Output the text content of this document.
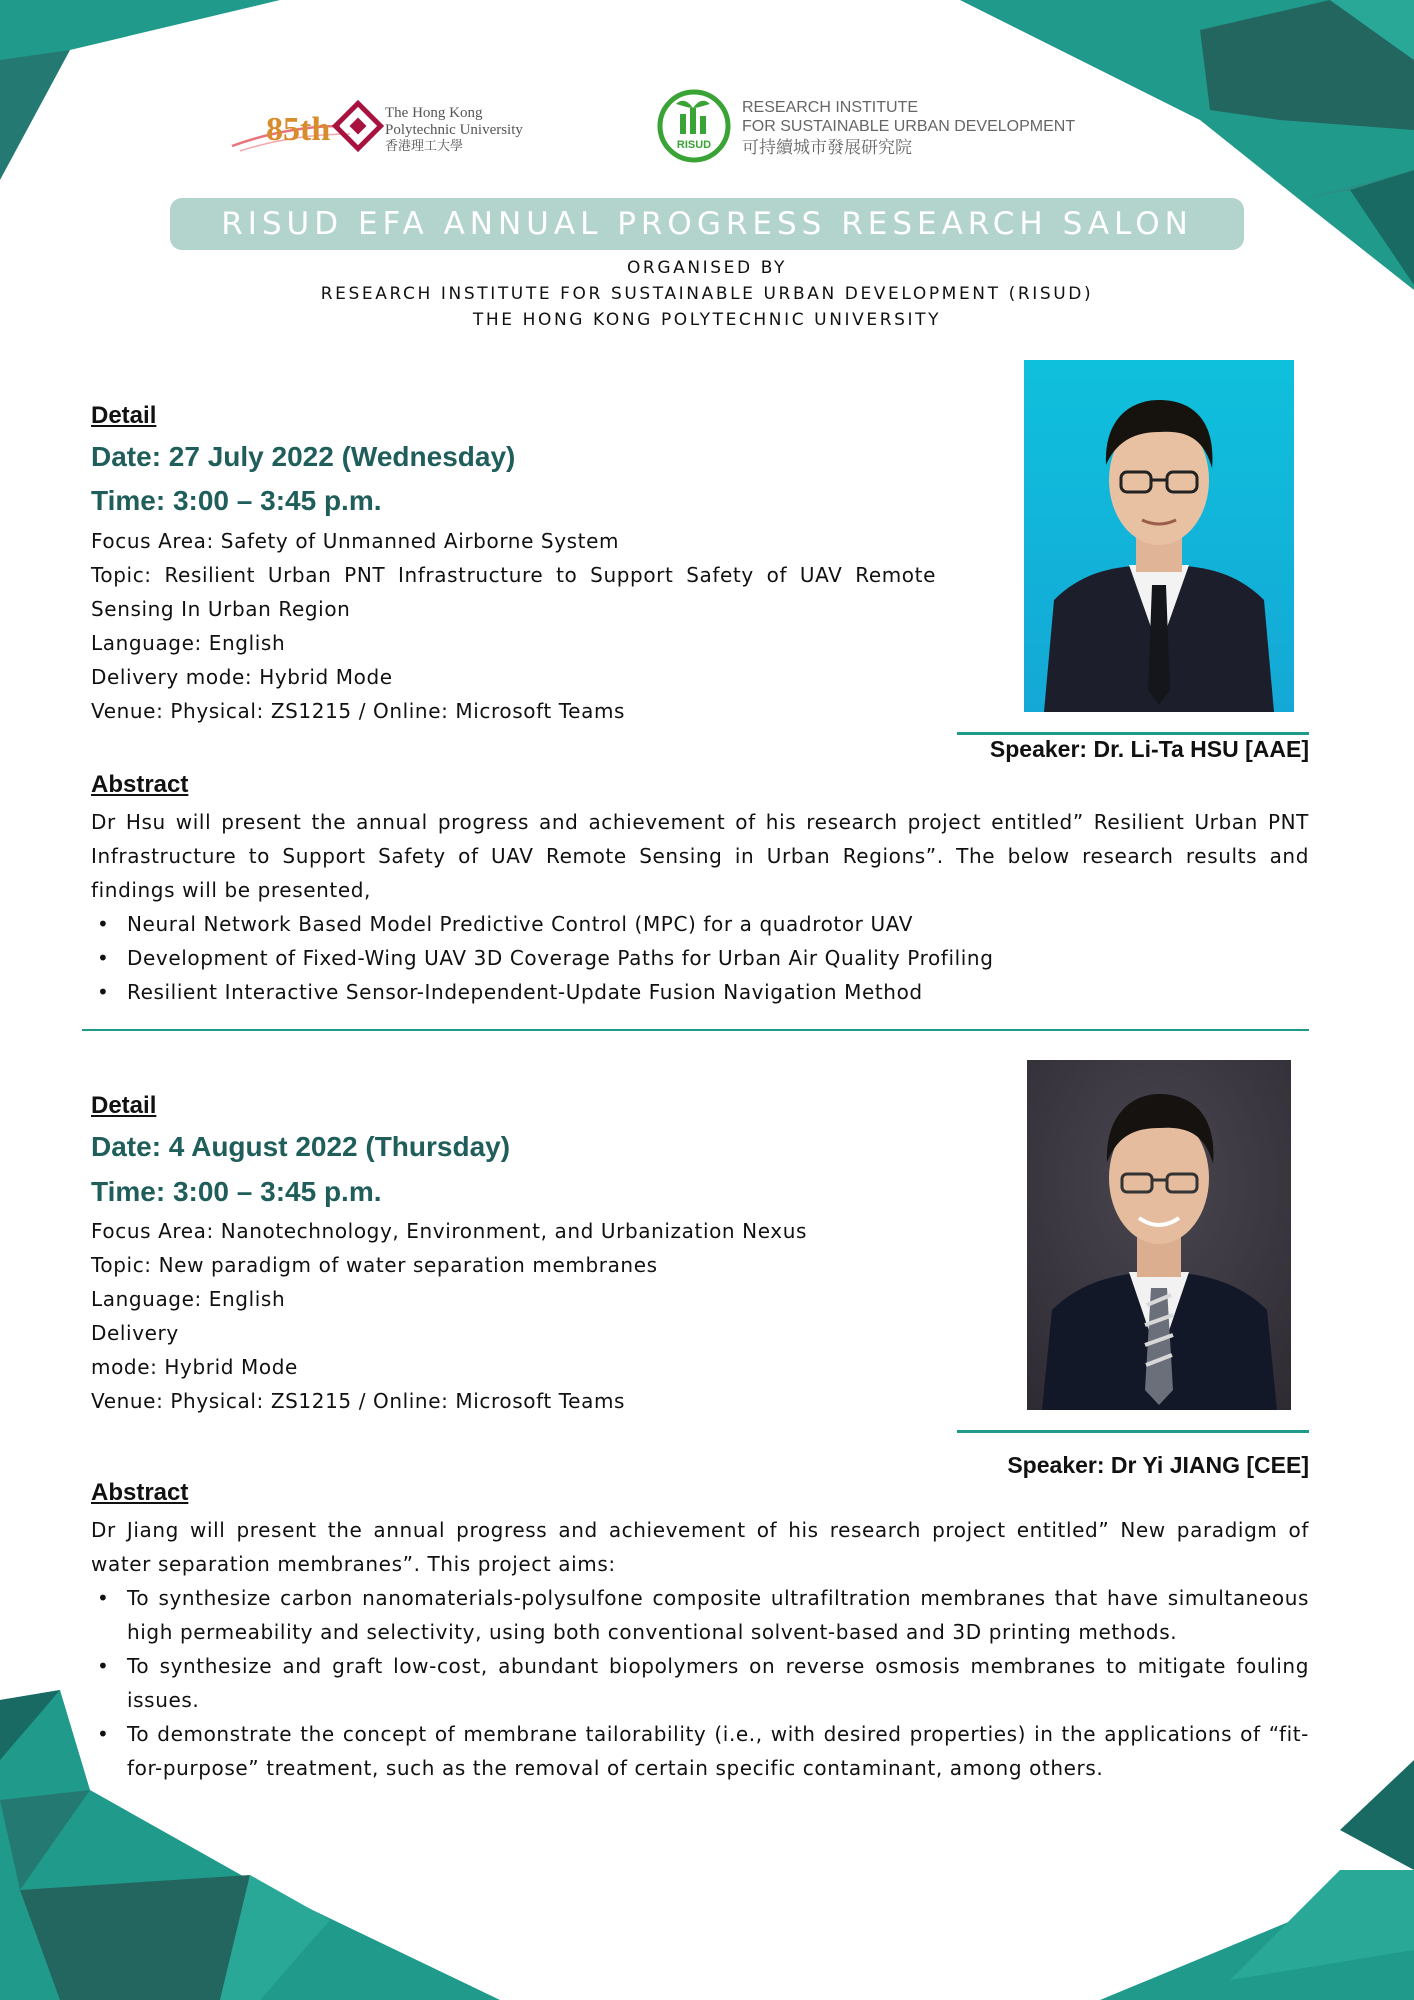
85th	The Hong Kong
Polytechnic University
香港理工大學	RISUD
RESEARCH INSTITUTE
FOR SUSTAINABLE URBAN DEVELOPMENT
可持續城市發展研究院
RISUD EFA ANNUAL PROGRESS RESEARCH SALON
ORGANISED BY
RESEARCH INSTITUTE FOR SUSTAINABLE URBAN DEVELOPMENT (RISUD)
THE HONG KONG POLYTECHNIC UNIVERSITY
Detail
Date: 27 July 2022 (Wednesday)
Time: 3:00 – 3:45 p.m.
Focus Area: Safety of Unmanned Airborne System
Topic: Resilient Urban PNT Infrastructure to Support Safety of UAV Remote Sensing In Urban Region
Language: English
Delivery mode: Hybrid Mode
Venue: Physical: ZS1215 / Online: Microsoft Teams
Speaker: Dr. Li-Ta HSU [AAE]
Abstract
Dr Hsu will present the annual progress and achievement of his research project entitled” Resilient Urban PNT Infrastructure to Support Safety of UAV Remote Sensing in Urban Regions”. The below research results and findings will be presented,
• Neural Network Based Model Predictive Control (MPC) for a quadrotor UAV
• Development of Fixed-Wing UAV 3D Coverage Paths for Urban Air Quality Profiling
• Resilient Interactive Sensor-Independent-Update Fusion Navigation Method
Detail
Date: 4 August 2022 (Thursday)
Time: 3:00 – 3:45 p.m.
Focus Area: Nanotechnology, Environment, and Urbanization Nexus
Topic: New paradigm of water separation membranes
Language: English
Delivery
mode: Hybrid Mode
Venue: Physical: ZS1215 / Online: Microsoft Teams
Speaker: Dr Yi JIANG [CEE]
Abstract
Dr Jiang will present the annual progress and achievement of his research project entitled” New paradigm of water separation membranes”. This project aims:
• To synthesize carbon nanomaterials-polysulfone composite ultrafiltration membranes that have simultaneous high permeability and selectivity, using both conventional solvent-based and 3D printing methods.
• To synthesize and graft low-cost, abundant biopolymers on reverse osmosis membranes to mitigate fouling issues.
• To demonstrate the concept of membrane tailorability (i.e., with desired properties) in the applications of “fit-for-purpose” treatment, such as the removal of certain specific contaminant, among others.
